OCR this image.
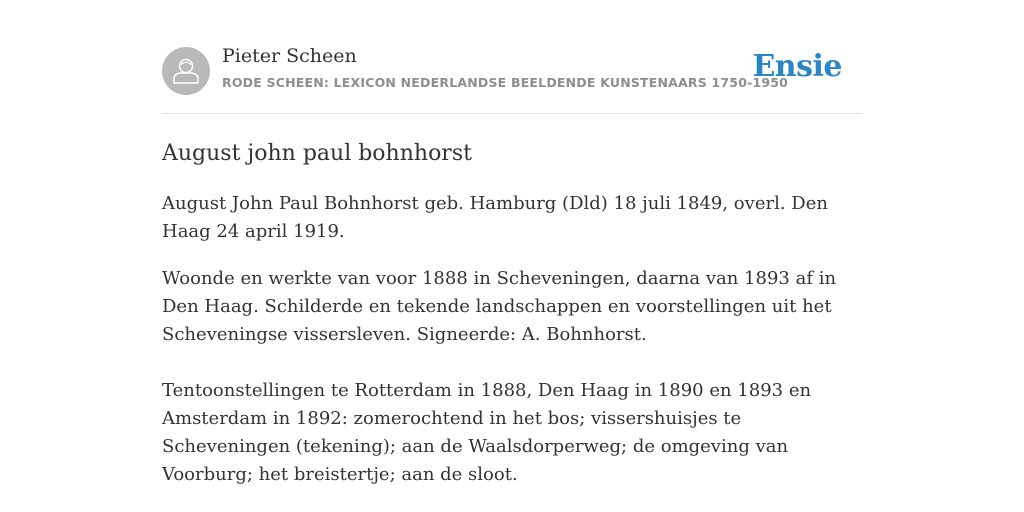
Pieter Scheen
RODE SCHEEN: LEXICON NEDERLANDSE BEELDENDE KUNSTENAARS 1750-1950
Ensie
August john paul bohnhorst

August John Paul Bohnhorst geb. Hamburg (Dld) 18 juli 1849, overl. Den Haag 24 april 1919.

Woonde en werkte van voor 1888 in Scheveningen, daarna van 1893 af in Den Haag. Schilderde en tekende landschappen en voorstellingen uit het Scheveningse vissersleven. Signeerde: A. Bohnhorst.

Tentoonstellingen te Rotterdam in 1888, Den Haag in 1890 en 1893 en Amsterdam in 1892: zomerochtend in het bos; vissershuisjes te Scheveningen (tekening); aan de Waalsdorperweg; de omgeving van Voorburg; het breistertje; aan de sloot.
